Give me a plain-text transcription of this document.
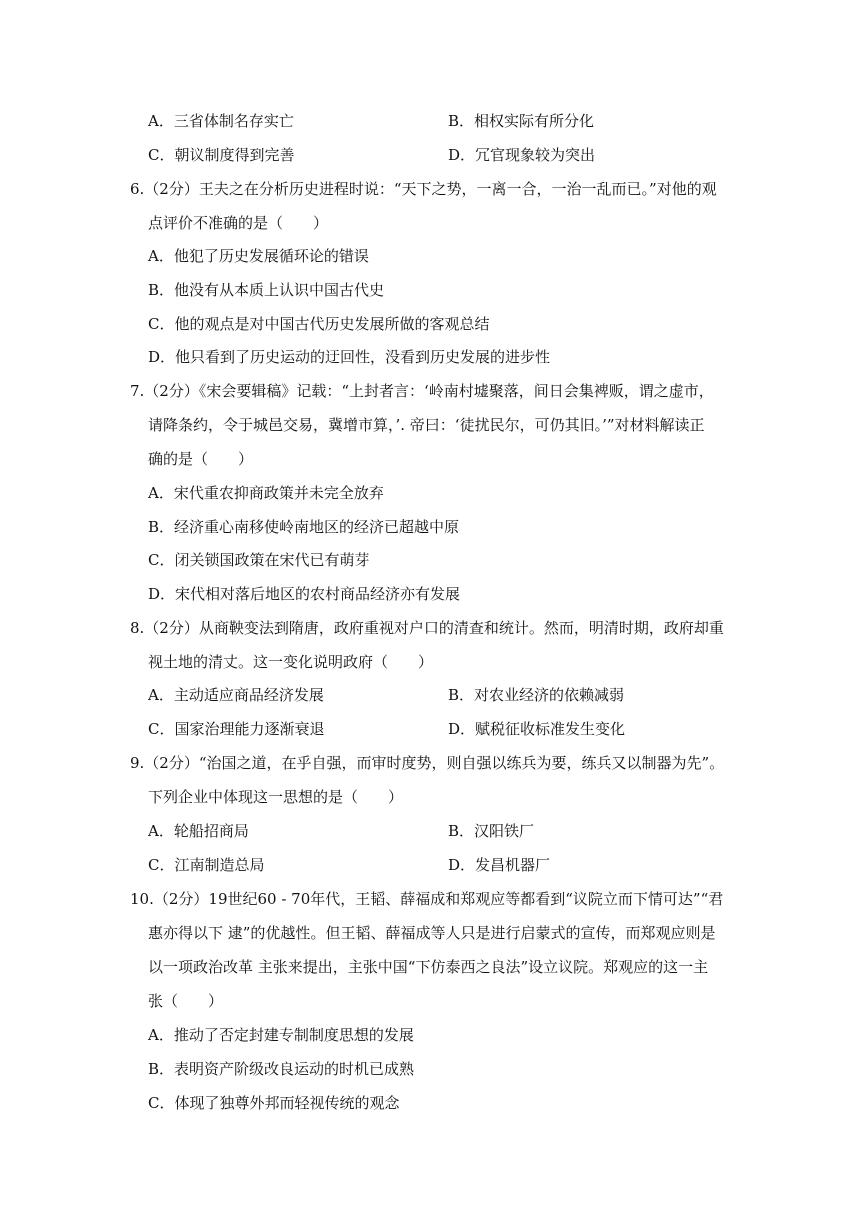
A．三省体制名存实亡	B．相权实际有所分化
C．朝议制度得到完善	D．冗官现象较为突出
6.（2分）王夫之在分析历史进程时说：“天下之势，一离一合，一治一乱而已。”对他的观
点评价不准确的是（　　）
A．他犯了历史发展循环论的错误
B．他没有从本质上认识中国古代史
C．他的观点是对中国古代历史发展所做的客观总结
D．他只看到了历史运动的迂回性，没看到历史发展的进步性
7.（2分）《宋会要辑稿》记载：“上封者言：‘岭南村墟聚落，间日会集裨贩，谓之虚市，
请降条约，令于城邑交易，冀增市算，’. 帝曰：‘徒扰民尔，可仍其旧。’”对材料解读正
确的是（　　）
A．宋代重农抑商政策并未完全放弃
B．经济重心南移使岭南地区的经济已超越中原
C．闭关锁国政策在宋代已有萌芽
D．宋代相对落后地区的农村商品经济亦有发展
8.（2分）从商鞅变法到隋唐，政府重视对户口的清查和统计。然而，明清时期，政府却重
视土地的清丈。这一变化说明政府（　　）
A．主动适应商品经济发展	B．对农业经济的依赖减弱
C．国家治理能力逐渐衰退	D．赋税征收标准发生变化
9.（2分）“治国之道，在乎自强，而审时度势，则自强以练兵为要，练兵又以制器为先”。
下列企业中体现这一思想的是（　　）
A．轮船招商局	B．汉阳铁厂
C．江南制造总局	D．发昌机器厂
10.（2分）19世纪60 - 70年代，王韬、薛福成和郑观应等都看到“议院立而下情可达”“君
惠亦得以下 逮”的优越性。但王韬、薛福成等人只是进行启蒙式的宣传，而郑观应则是
以一项政治改革 主张来提出，主张中国“下仿泰西之良法”设立议院。郑观应的这一主
张（　　）
A．推动了否定封建专制制度思想的发展
B．表明资产阶级改良运动的时机已成熟
C．体现了独尊外邦而轻视传统的观念
